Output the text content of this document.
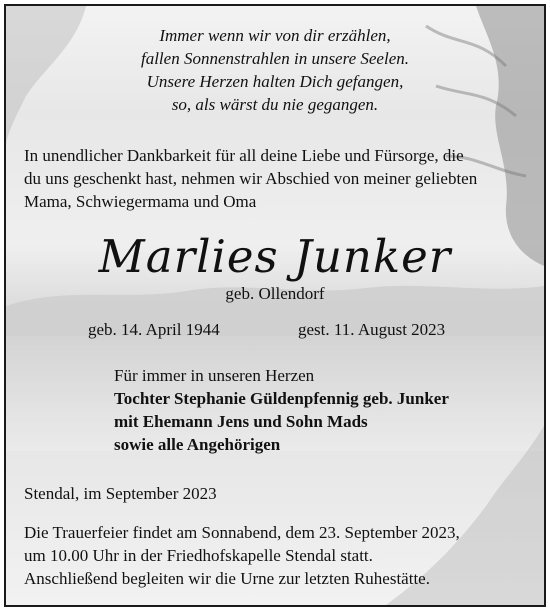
Immer wenn wir von dir erzählen,
fallen Sonnenstrahlen in unsere Seelen.
Unsere Herzen halten Dich gefangen,
so, als wärst du nie gegangen.
In unendlicher Dankbarkeit für all deine Liebe und Fürsorge, die
du uns geschenkt hast, nehmen wir Abschied von meiner geliebten
Mama, Schwiegermama und Oma
Marlies Junker
geb. Ollendorf
geb. 14. April 1944	gest. 11. August 2023
Für immer in unseren Herzen
Tochter Stephanie Güldenpfennig geb. Junker
mit Ehemann Jens und Sohn Mads
sowie alle Angehörigen
Stendal, im September 2023
Die Trauerfeier findet am Sonnabend, dem 23. September 2023,
um 10.00 Uhr in der Friedhofskapelle Stendal statt.
Anschließend begleiten wir die Urne zur letzten Ruhestätte.
